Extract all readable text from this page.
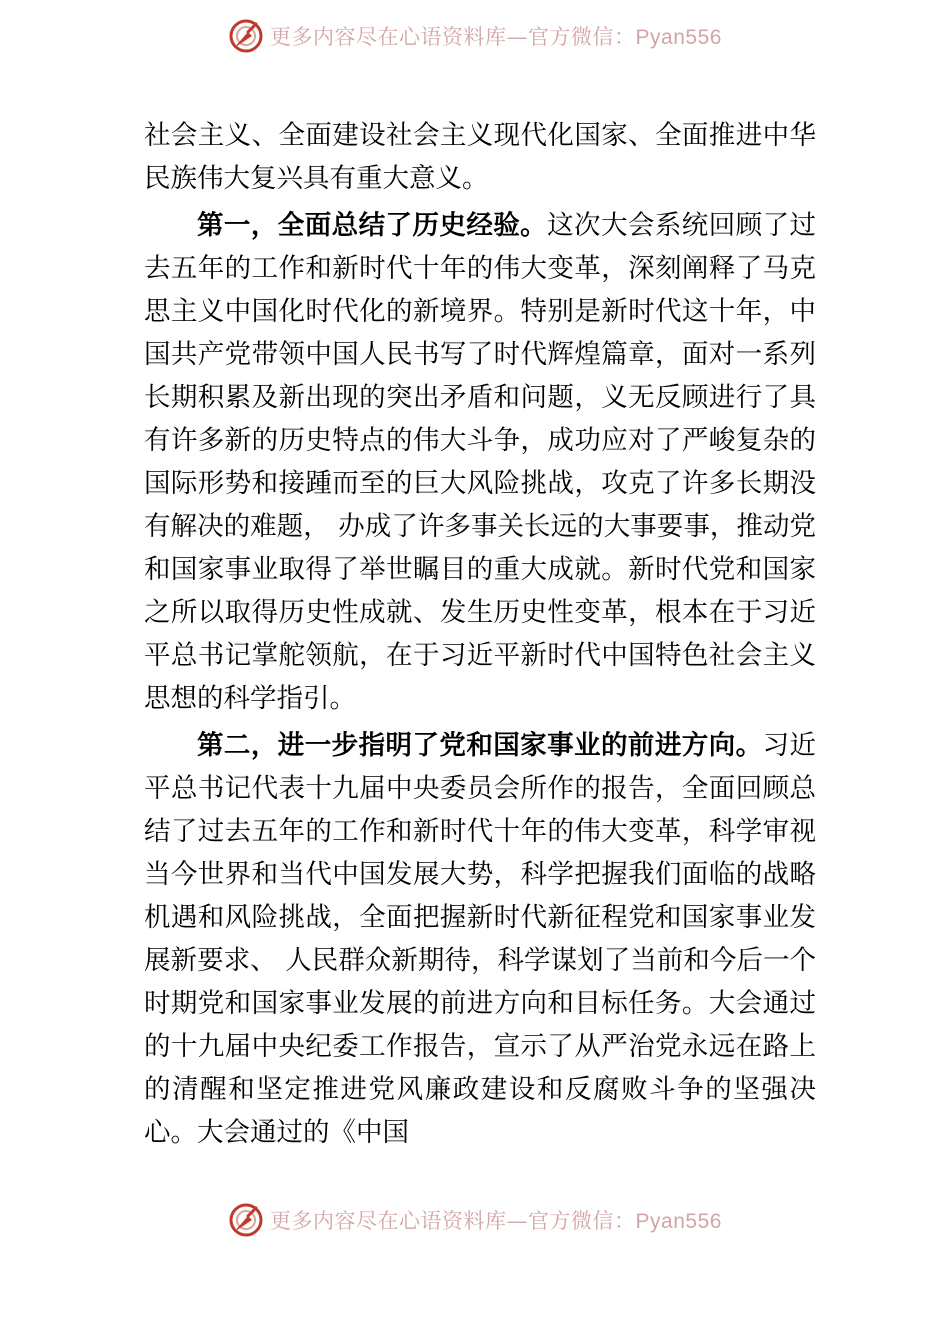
更多内容尽在心语资料库—官方微信：Pyan556

社会主义、全面建设社会主义现代化国家、全面推进中华民族伟大复兴具有重大意义。

第一，全面总结了历史经验。这次大会系统回顾了过去五年的工作和新时代十年的伟大变革，深刻阐释了马克思主义中国化时代化的新境界。特别是新时代这十年，中国共产党带领中国人民书写了时代辉煌篇章，面对一系列长期积累及新出现的突出矛盾和问题，义无反顾进行了具有许多新的历史特点的伟大斗争，成功应对了严峻复杂的国际形势和接踵而至的巨大风险挑战，攻克了许多长期没有解决的难题， 办成了许多事关长远的大事要事，推动党和国家事业取得了举世瞩目的重大成就。新时代党和国家之所以取得历史性成就、发生历史性变革，根本在于习近平总书记掌舵领航，在于习近平新时代中国特色社会主义思想的科学指引。

第二，进一步指明了党和国家事业的前进方向。习近平总书记代表十九届中央委员会所作的报告，全面回顾总结了过去五年的工作和新时代十年的伟大变革，科学审视当今世界和当代中国发展大势，科学把握我们面临的战略机遇和风险挑战，全面把握新时代新征程党和国家事业发展新要求、 人民群众新期待，科学谋划了当前和今后一个时期党和国家事业发展的前进方向和目标任务。大会通过的十九届中央纪委工作报告，宣示了从严治党永远在路上的清醒和坚定推进党风廉政建设和反腐败斗争的坚强决心。大会通过的《中国

更多内容尽在心语资料库—官方微信：Pyan556
